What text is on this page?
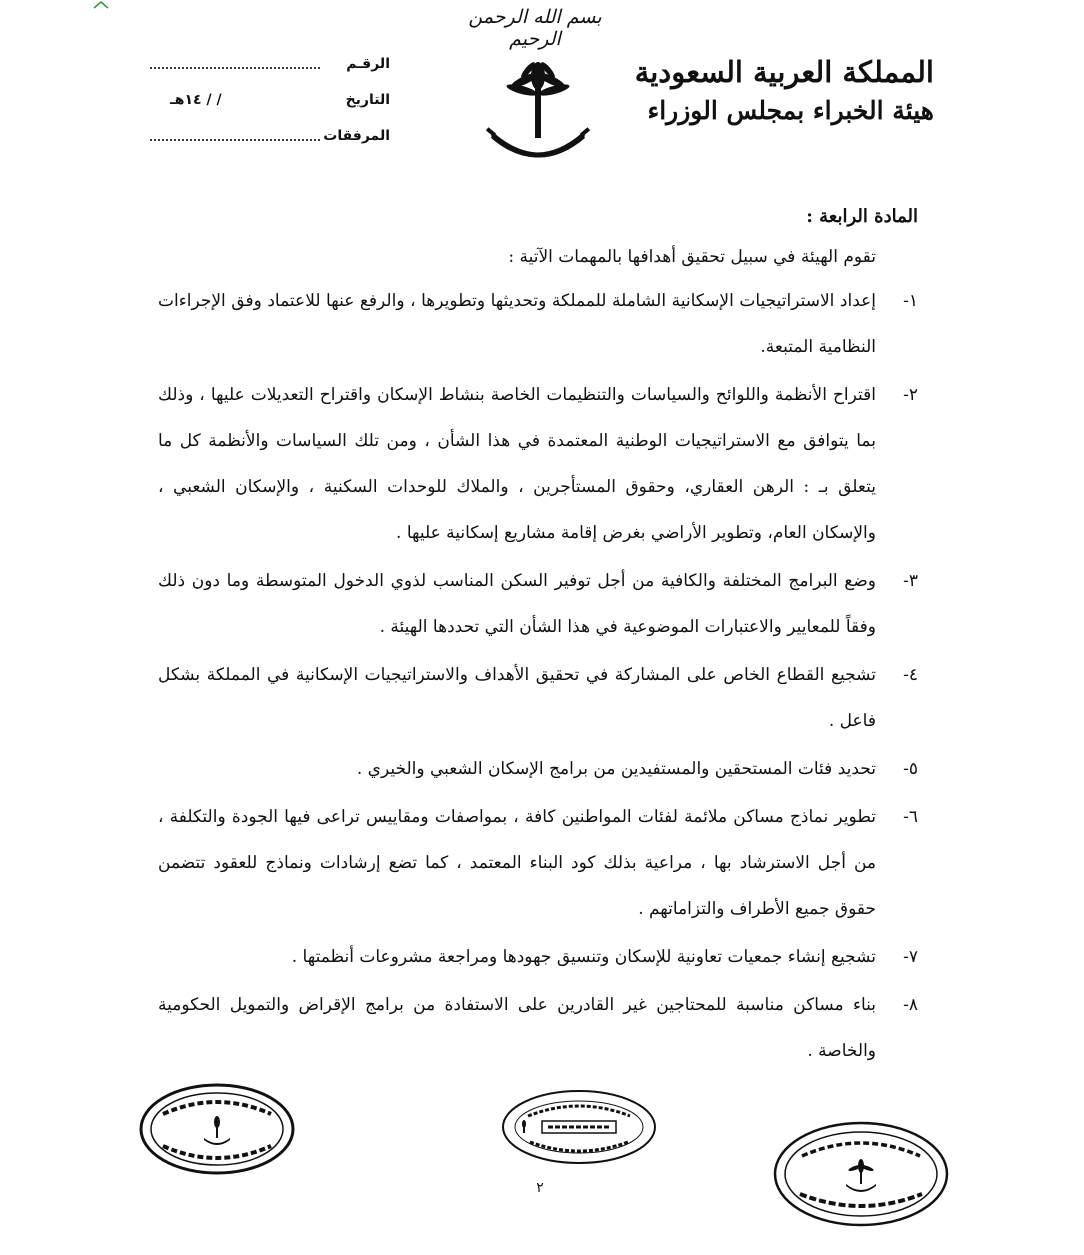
بسم الله الرحمن الرحيم
المملكة العربية السعودية
هيئة الخبراء بمجلس الوزراء
الرقـم
التاريخ
/ / ١٤هـ
المرفقات
المادة الرابعة :
تقوم الهيئة في سبيل تحقيق أهدافها بالمهمات الآتية :
١-
إعداد الاستراتيجيات الإسكانية الشاملة للمملكة وتحديثها وتطويرها ، والرفع عنها للاعتماد وفق الإجراءات النظامية المتبعة.
٢-
اقتراح الأنظمة واللوائح والسياسات والتنظيمات الخاصة بنشاط الإسكان واقتراح التعديلات عليها ، وذلك بما يتوافق مع الاستراتيجيات الوطنية المعتمدة في هذا الشأن ، ومن تلك السياسات والأنظمة كل ما يتعلق بـ : الرهن العقاري، وحقوق المستأجرين ، والملاك للوحدات السكنية ، والإسكان الشعبي ، والإسكان العام، وتطوير الأراضي بغرض إقامة مشاريع إسكانية عليها .
٣-
وضع البرامج المختلفة والكافية من أجل توفير السكن المناسب لذوي الدخول المتوسطة وما دون ذلك وفقاً للمعايير والاعتبارات الموضوعية في هذا الشأن التي تحددها الهيئة .
٤-
تشجيع القطاع الخاص على المشاركة في تحقيق الأهداف والاستراتيجيات الإسكانية في المملكة بشكل فاعل .
٥-
تحديد فئات المستحقين والمستفيدين من برامج الإسكان الشعبي والخيري .
٦-
تطوير نماذج مساكن ملائمة لفئات المواطنين كافة ، بمواصفات ومقاييس تراعى فيها الجودة والتكلفة ، من أجل الاسترشاد بها ، مراعية بذلك كود البناء المعتمد ، كما تضع إرشادات ونماذج للعقود تتضمن حقوق جميع الأطراف والتزاماتهم .
٧-
تشجيع إنشاء جمعيات تعاونية للإسكان وتنسيق جهودها ومراجعة مشروعات أنظمتها .
٨-
بناء مساكن مناسبة للمحتاجين غير القادرين على الاستفادة من برامج الإقراض والتمويل الحكومية والخاصة .
٢
